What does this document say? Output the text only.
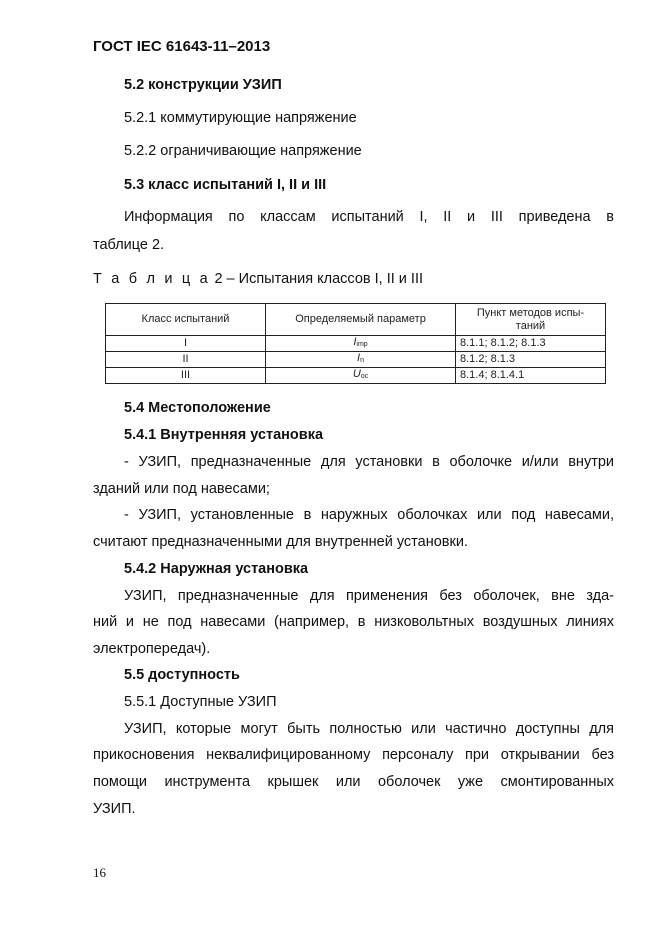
ГОСТ IEC 61643-11–2013
5.2 конструкции УЗИП
5.2.1 коммутирующие напряжение
5.2.2 ограничивающие напряжение
5.3 класс испытаний I, II и III
Информация по классам испытаний I, II и III приведена в
таблице 2.
Т а б л и ц а 2 – Испытания классов I, II и III
Класс испытаний	Определяемый параметр	Пункт методов испы-
таний
I	$I_{imp}$	8.1.1; 8.1.2; 8.1.3
II	$I_n$	8.1.2; 8.1.3
III	$U_{oc}$	8.1.4; 8.1.4.1
5.4 Местоположение
5.4.1 Внутренняя установка
- УЗИП, предназначенные для установки в оболочке и/или внутри
зданий или под навесами;
- УЗИП, установленные в наружных оболочках или под навесами,
считают предназначенными для внутренней установки.
5.4.2 Наружная установка
УЗИП, предназначенные для применения без оболочек, вне зда-
ний и не под навесами (например, в низковольтных воздушных линиях
электропередач).
5.5 доступность
5.5.1 Доступные УЗИП
УЗИП, которые могут быть полностью или частично доступны для
прикосновения неквалифицированному персоналу при открывании без
помощи инструмента крышек или оболочек уже смонтированных
УЗИП.
16
